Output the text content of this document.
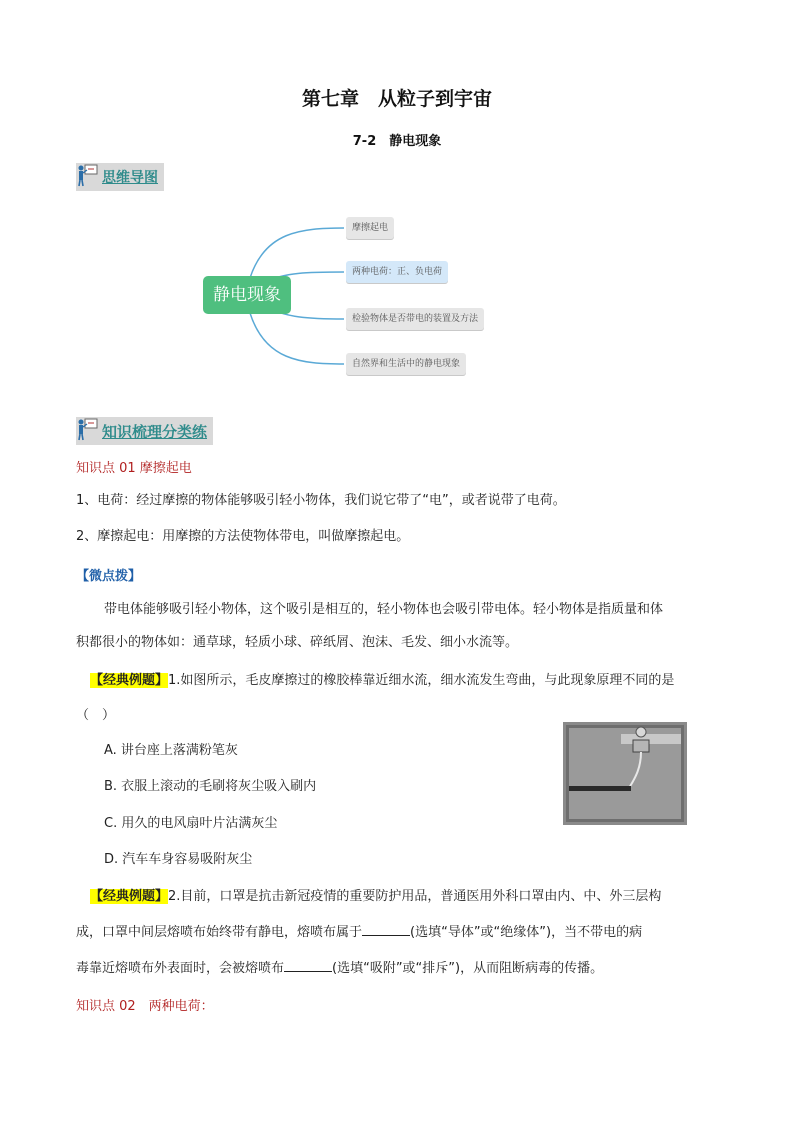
第七章　从粒子到宇宙
7-2　静电现象
思维导图
静电现象
摩擦起电
两种电荷：正、负电荷
检验物体是否带电的装置及方法
自然界和生活中的静电现象
知识梳理分类练
知识点 01 摩擦起电
1、电荷：经过摩擦的物体能够吸引轻小物体，我们说它带了“电”，或者说带了电荷。
2、摩擦起电：用摩擦的方法使物体带电，叫做摩擦起电。
【微点拨】
带电体能够吸引轻小物体，这个吸引是相互的，轻小物体也会吸引带电体。轻小物体是指质量和体
积都很小的物体如：通草球，轻质小球、碎纸屑、泡沫、毛发、细小水流等。
【经典例题】1.如图所示，毛皮摩擦过的橡胶棒靠近细水流，细水流发生弯曲，与此现象原理不同的是
（　）
A. 讲台座上落满粉笔灰
B. 衣服上滚动的毛刷将灰尘吸入刷内
C. 用久的电风扇叶片沾满灰尘
D. 汽车车身容易吸附灰尘
【经典例题】2.目前，口罩是抗击新冠疫情的重要防护用品，普通医用外科口罩由内、中、外三层构
成，口罩中间层熔喷布始终带有静电，熔喷布属于	(选填“导体”或“绝缘体”)，当不带电的病
毒靠近熔喷布外表面时，会被熔喷布	(选填“吸附”或“排斥”)，从而阻断病毒的传播。
知识点 02　两种电荷：
